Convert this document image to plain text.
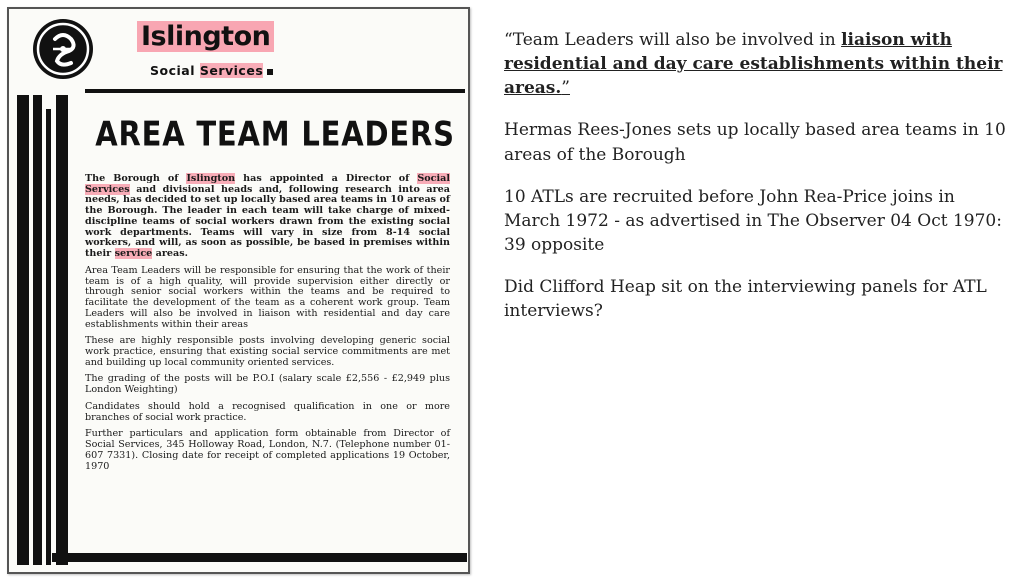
Islington
Social Services
AREA TEAM LEADERS

The Borough of Islington has appointed a Director of Social Services and divisional heads and, following research into area needs, has decided to set up locally based area teams in 10 areas of the Borough. The leader in each team will take charge of mixed-discipline teams of social workers drawn from the existing social work departments. Teams will vary in size from 8-14 social workers, and will, as soon as possible, be based in premises within their service areas.

Area Team Leaders will be responsible for ensuring that the work of their team is of a high quality, will provide supervision either directly or through senior social workers within the teams and be required to facilitate the development of the team as a coherent work group. Team Leaders will also be involved in liaison with residential and day care establishments within their areas

These are highly responsible posts involving developing generic social work practice, ensuring that existing social service commitments are met and building up local community oriented services.

The grading of the posts will be P.O.I (salary scale £2,556 - £2,949 plus London Weighting)

Candidates should hold a recognised qualification in one or more branches of social work practice.

Further particulars and application form obtainable from Director of Social Services, 345 Holloway Road, London, N.7. (Telephone number 01-607 7331). Closing date for receipt of completed applications 19 October, 1970

“Team Leaders will also be involved in liaison with residential and day care establishments within their areas.”

Hermas Rees-Jones sets up locally based area teams in 10 areas of the Borough

10 ATLs are recruited before John Rea-Price joins in March 1972 - as advertised in The Observer 04 Oct 1970: 39 opposite

Did Clifford Heap sit on the interviewing panels for ATL interviews?
